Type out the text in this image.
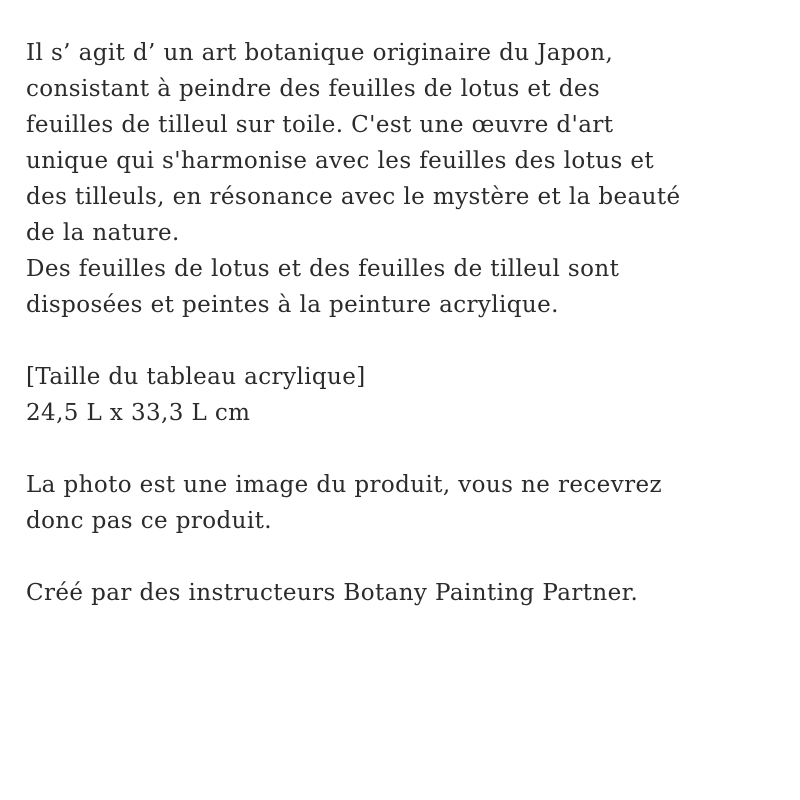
Il s’ agit d’ un art botanique originaire du Japon,
consistant à peindre des feuilles de lotus et des
feuilles de tilleul sur toile. C'est une œuvre d'art
unique qui s'harmonise avec les feuilles des lotus et
des tilleuls, en résonance avec le mystère et la beauté
de la nature.
Des feuilles de lotus et des feuilles de tilleul sont
disposées et peintes à la peinture acrylique.
[Taille du tableau acrylique]
24,5 L x 33,3 L cm
La photo est une image du produit, vous ne recevrez
donc pas ce produit.
Créé par des instructeurs Botany Painting Partner.
